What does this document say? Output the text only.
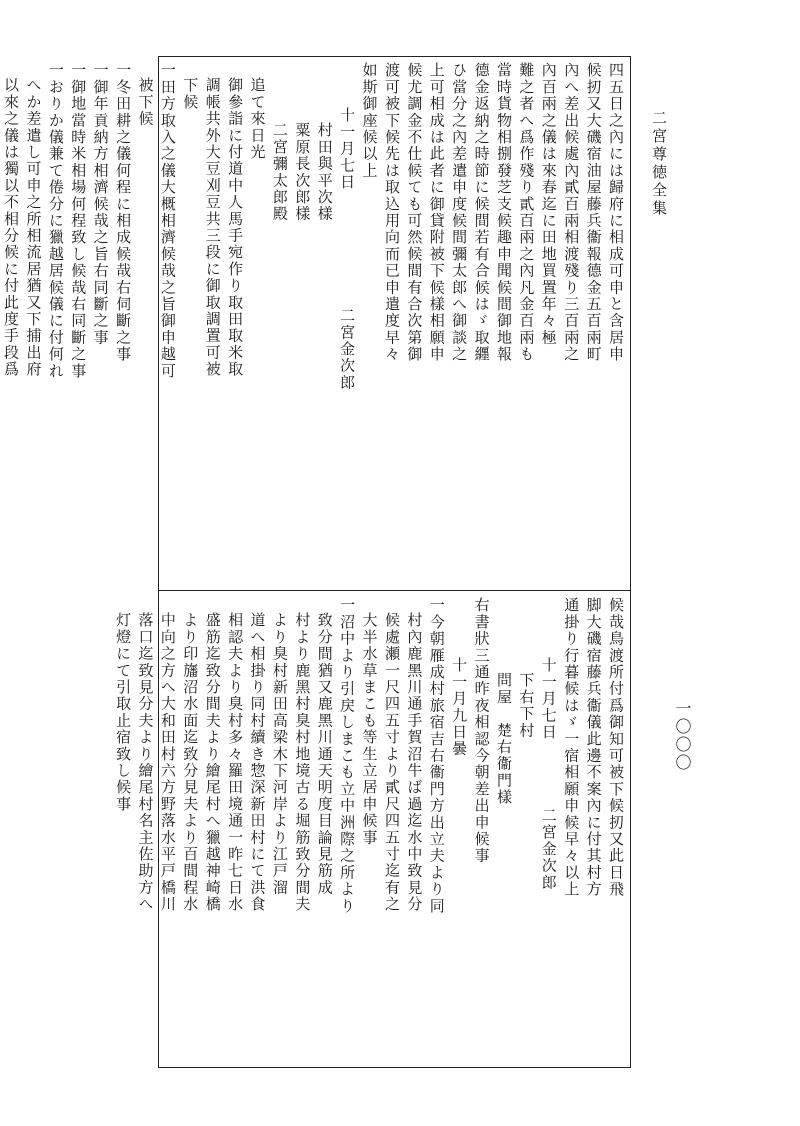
二宮尊徳全集
一〇〇〇
四五日之內には歸府に相成可申と含居申
候扨又大磯宿油屋藤兵衞報德金五百兩町
內へ差出候處內貳百兩相渡殘り三百兩之
內百兩之儀は來春迄に田地買置年々極
難之者へ爲作殘り貳百兩之內凡金百兩も
當時貨物相捌發芝支候趣申聞候間御地報
德金返納之時節に候間若有合候はゞ取纒
ひ當分之內差遣申度候間彌太郎へ御談之
上可相成は此者に御貸附被下候樣相願申
候尤調金不仕候ても可然候間有合次第御
渡可被下候先は取込用向而已申遣度早々
如斯御座候以上
十一月七日　　　　　　　二宮金次郎
村田與平次樣
粟原長次郎樣
二宮彌太郎殿
追て來日光
御參詣に付道中人馬手宛作り取田取米取
調帳共外大豆刈豆共三段に御取調置可被
下候
一田方取入之儀大概相濟候哉之旨御申越可
被下候
一冬田耕之儀何程に相成候哉右伺斷之事
一御年貢納方相濟候哉之旨右同斷之事
一御地當時米相場何程致し候哉右同斷之事
一おりか儀兼て倦分に獵越居候儀に付何れ
へか差遣し可申之所相流居猶又下捕出府
以來之儀は獨以不相分候に付此度手段爲
候哉鳥渡所付爲御知可被下候扨又此日飛
脚大磯宿藤兵衞儀此邊不案內に付其村方
通掛り行暮候はゞ一宿相願申候早々以上
十一月七日　　　　二宮金次郎
下右下村
問屋　楚右衞門樣
右書狀三通昨夜相認今朝差出申候事
十一月九日曇
一今朝雁成村旅宿吉右衞門方出立夫より同
村內鹿黑川通手賀沼牛ば過迄水中致見分
候處瀬一尺四五寸より貳尺四五寸迄有之
大半水草まこも等生立居申候事
一沼中より引戻しまこも立中洲際之所より
致分間猶又鹿黑川通天明度目論見筋成
村より鹿黑村臭村地境古る堀筋致分間夫
より臭村新田高梁木下河岸より江戸溜
道へ相掛り同村續き惣深新田村にて洪食
相認夫より臭村多々羅田境通一昨七日水
盛筋迄致分間夫より繪尾村へ獵越神崎橋
より印旛沼水面迄致分見夫より百間程水
中向之方へ大和田村六方野落水平戸橋川
落口迄致見分夫より繪尾村名主佐助方へ
灯燈にて引取止宿致し候事
